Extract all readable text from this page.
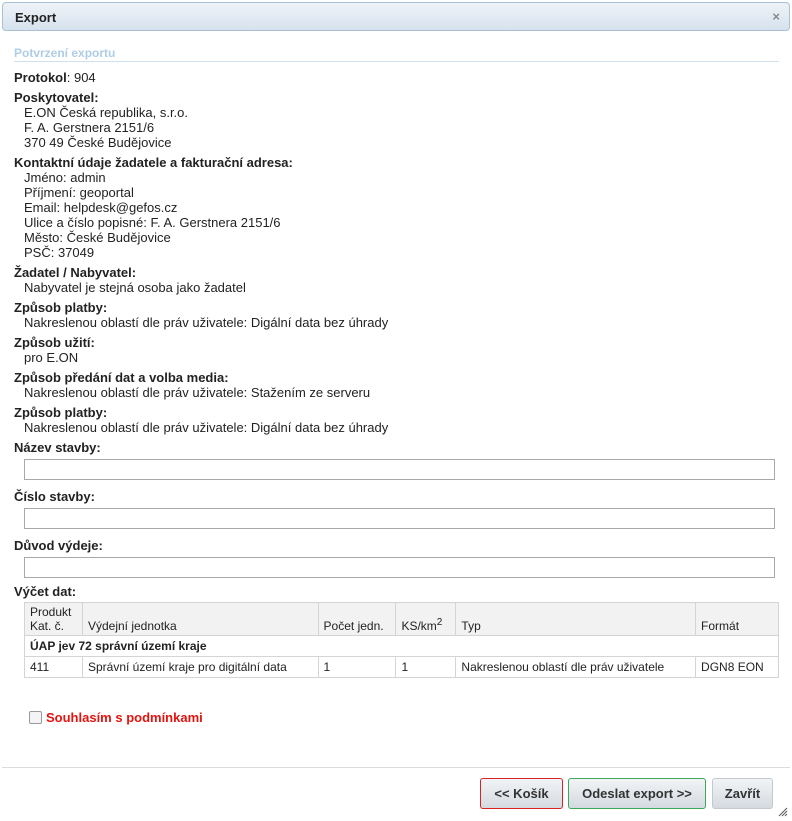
Export	×
Potvrzení exportu
Protokol: 904
Poskytovatel:
E.ON Česká republika, s.r.o.
F. A. Gerstnera 2151/6
370 49 České Budějovice
Kontaktní údaje žadatele a fakturační adresa:
Jméno: admin
Příjmení: geoportal
Email: helpdesk@gefos.cz
Ulice a číslo popisné: F. A. Gerstnera 2151/6
Město: České Budějovice
PSČ: 37049
Žadatel / Nabyvatel:
Nabyvatel je stejná osoba jako žadatel
Způsob platby:
Nakreslenou oblastí dle práv uživatele: Digální data bez úhrady
Způsob užití:
pro E.ON
Způsob předání dat a volba media:
Nakreslenou oblastí dle práv uživatele: Stažením ze serveru
Způsob platby:
Nakreslenou oblastí dle práv uživatele: Digální data bez úhrady
Název stavby:
Číslo stavby:
Důvod výdeje:
Výčet dat:
Produkt
Kat. č.	Výdejní jednotka	Počet jedn.	$KS/km^2$	Typ	Formát
ÚAP jev 72 správní území kraje					
411	Správní území kraje pro digitální data	1	1	Nakreslenou oblastí dle práv uživatele	DGN8 EON
Souhlasím s podmínkami
<< Košík	Odeslat export >>	Zavřít
